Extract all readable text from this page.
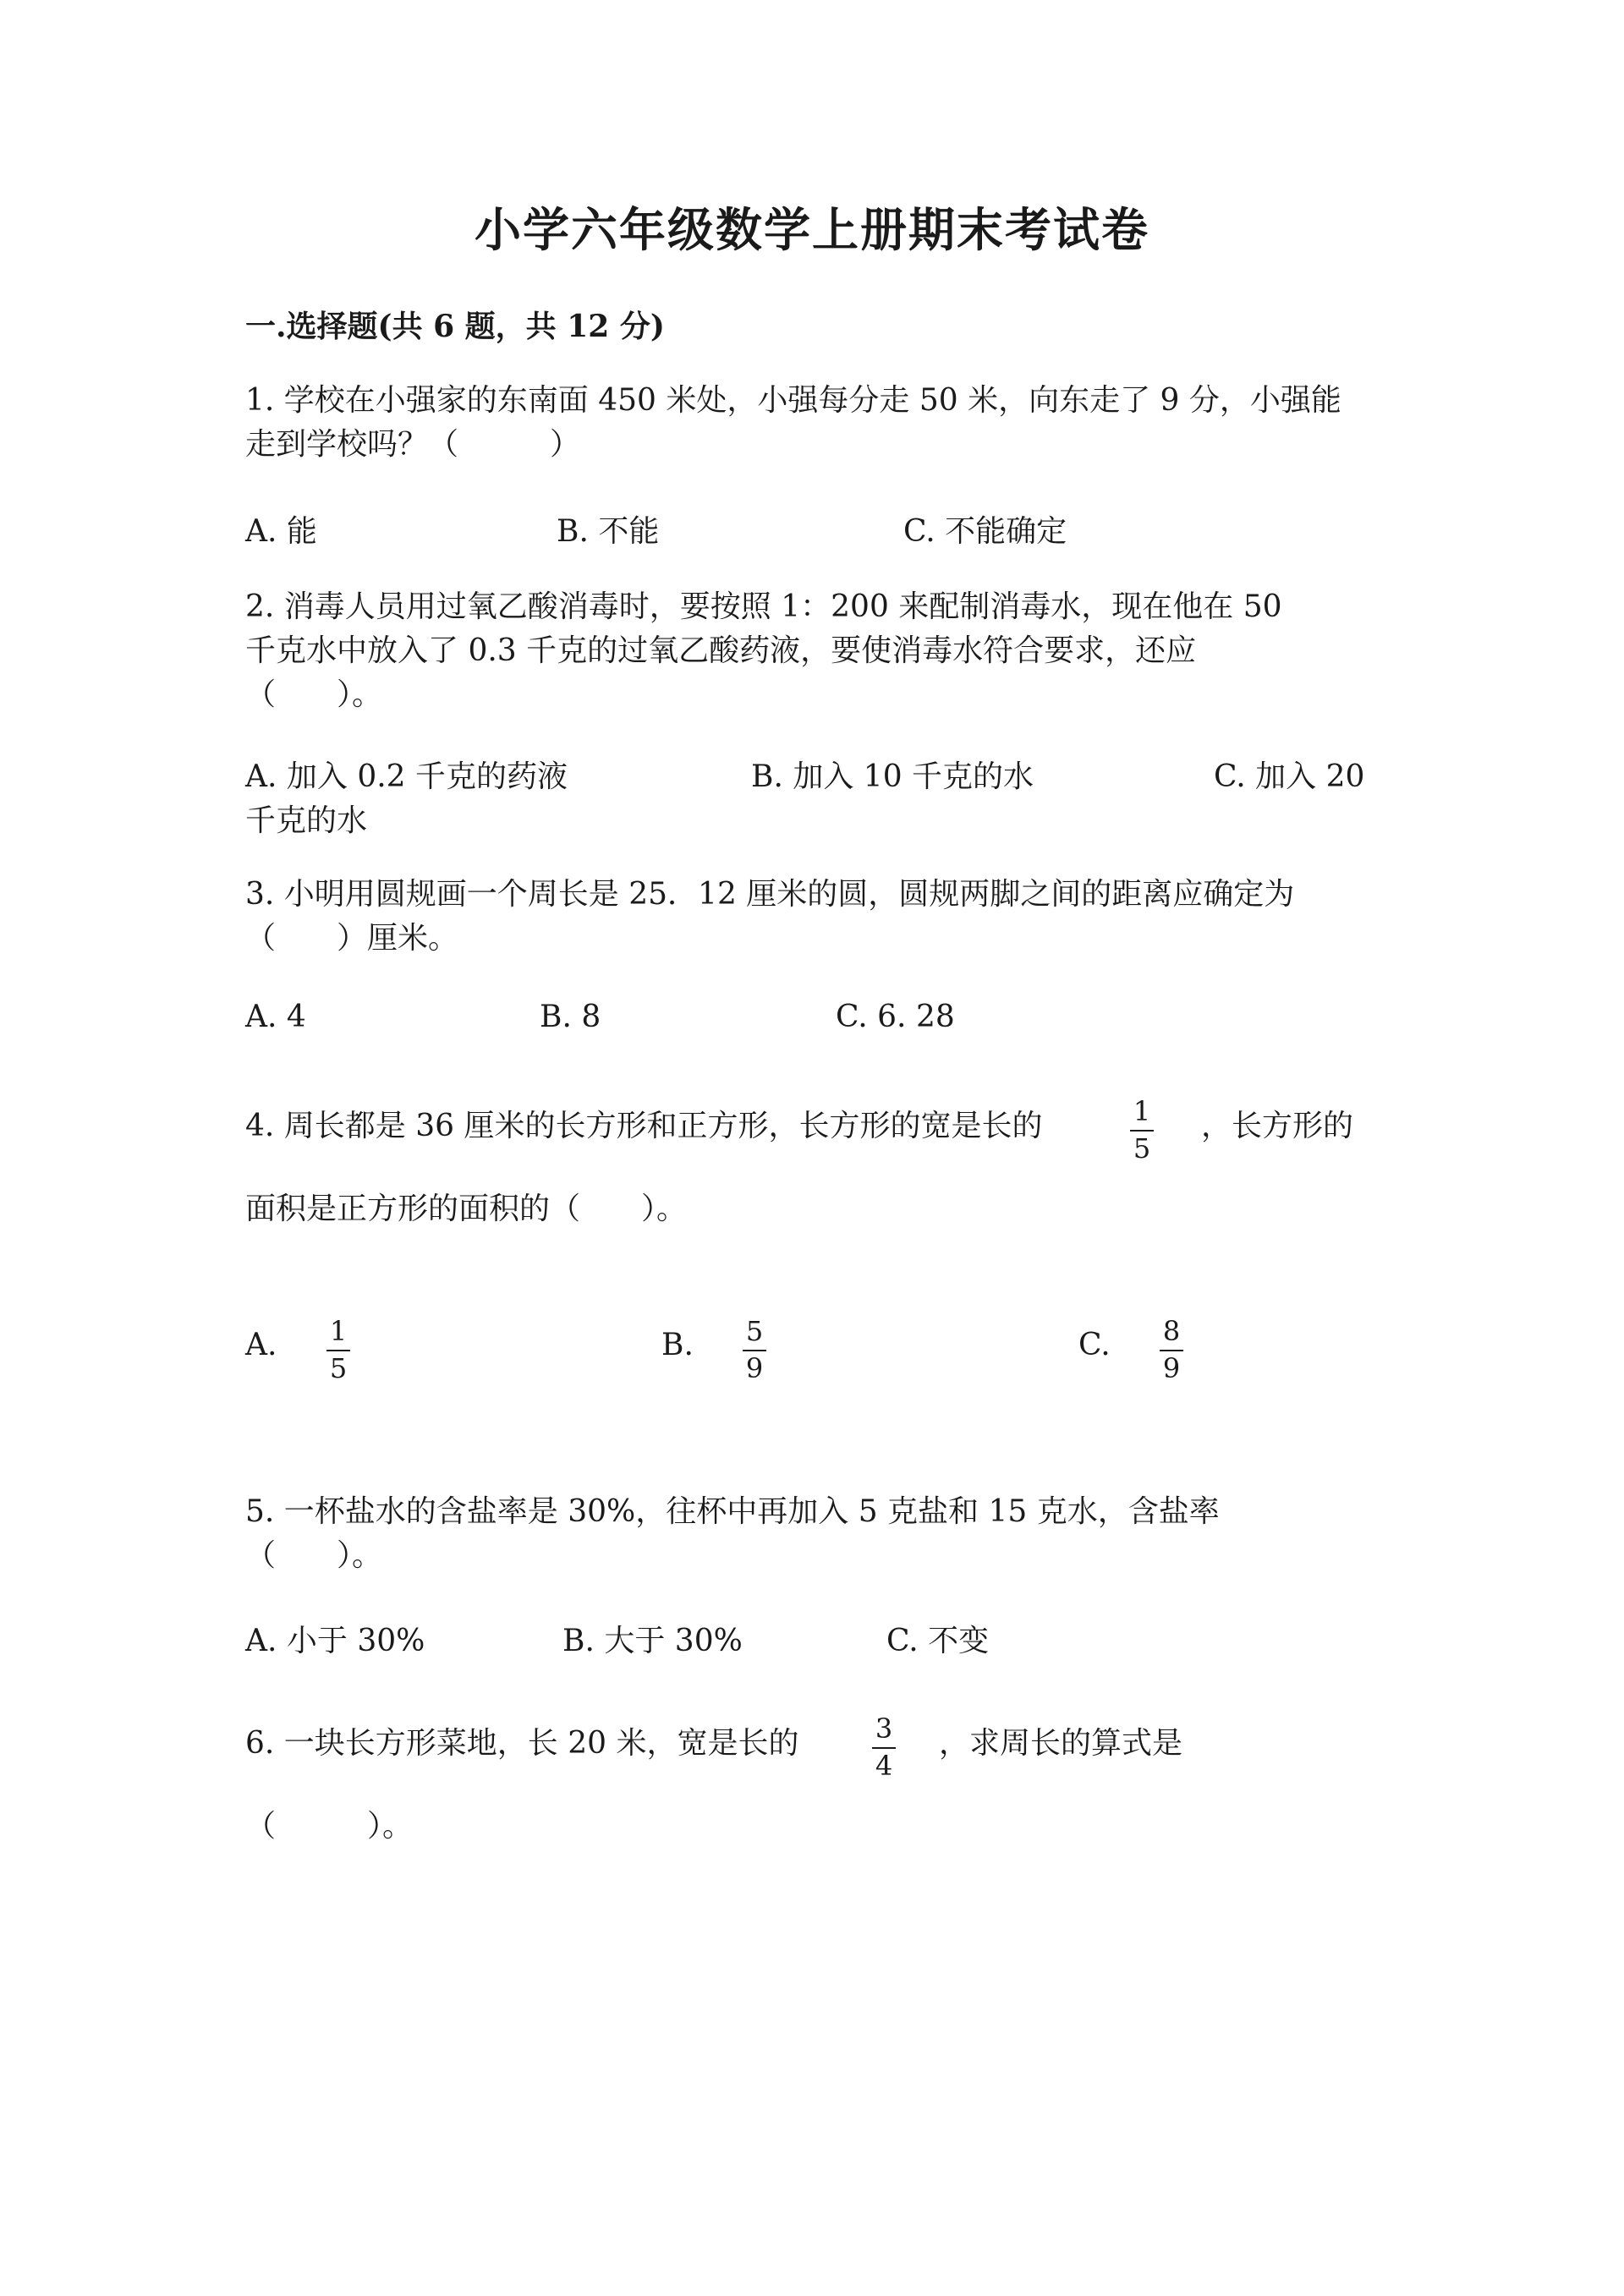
小学六年级数学上册期末考试卷
一.选择题(共 6 题，共 12 分)
1. 学校在小强家的东南面 450 米处，小强每分走 50 米，向东走了 9 分，小强能
走到学校吗？（　　　）
A. 能	B. 不能	C. 不能确定
2. 消毒人员用过氧乙酸消毒时，要按照 1：200 来配制消毒水，现在他在 50
千克水中放入了 0.3 千克的过氧乙酸药液，要使消毒水符合要求，还应
（　　）。
A. 加入 0.2 千克的药液	B. 加入 10 千克的水	C. 加入 20
千克的水
3. 小明用圆规画一个周长是 25．12 厘米的圆，圆规两脚之间的距离应确定为
（　　）厘米。
A. 4	B. 8	C. 6. 28
4. 周长都是 36 厘米的长方形和正方形，长方形的宽是长的	1
5
，长方形的
面积是正方形的面积的（　　）。
A. 1
5
B. 5
9
C. 8
9
5. 一杯盐水的含盐率是 30%，往杯中再加入 5 克盐和 15 克水，含盐率
（　　）。
A. 小于 30%	B. 大于 30%	C. 不变
6. 一块长方形菜地，长 20 米，宽是长的	3
4
，求周长的算式是
（　　　）。
